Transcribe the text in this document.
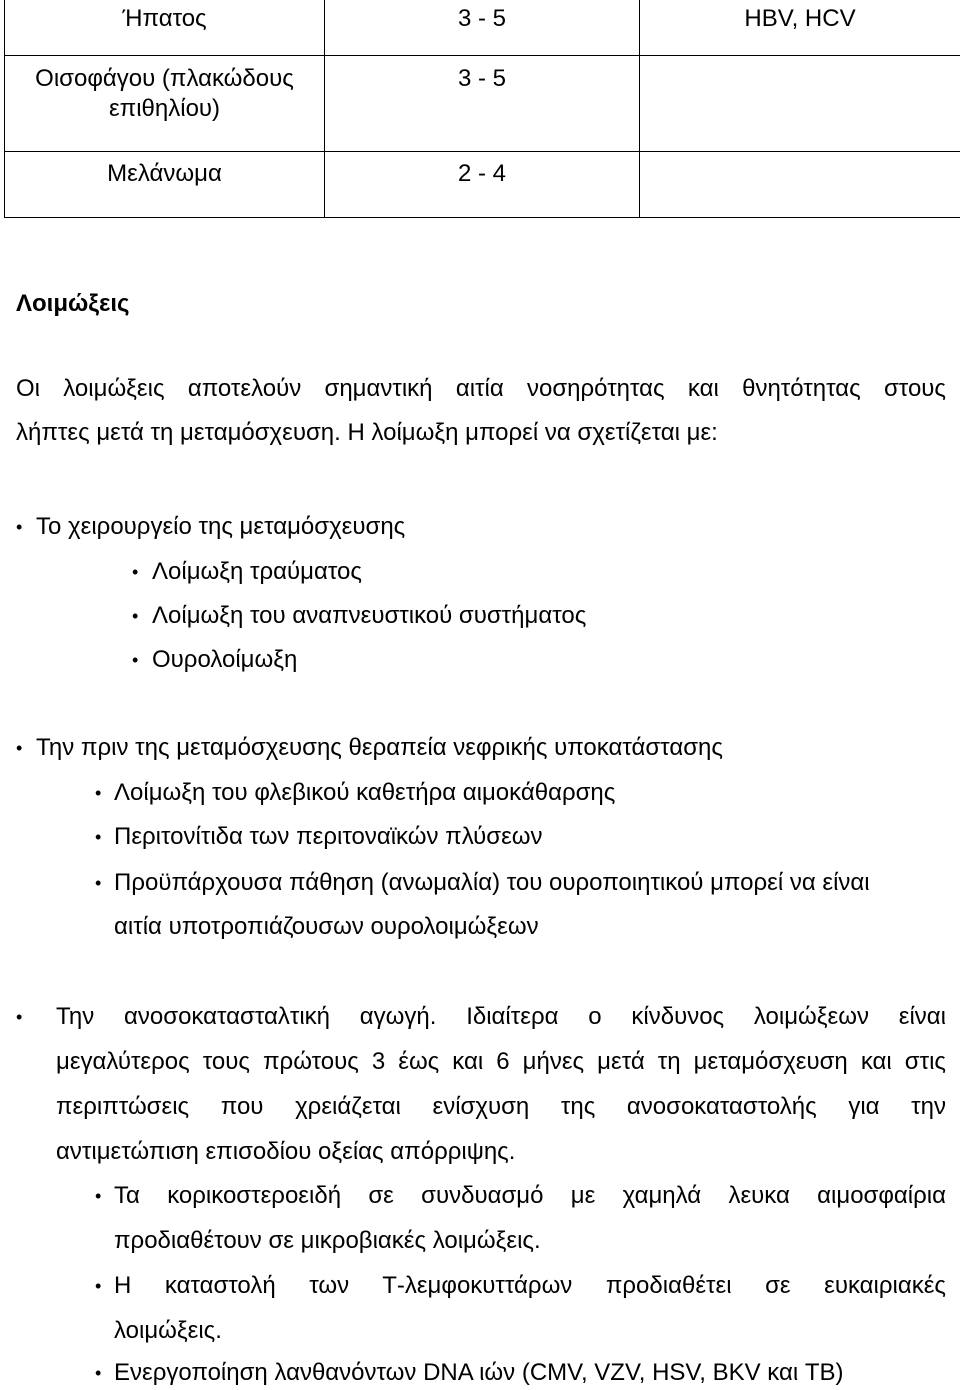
Ήπατος	3 - 5	HBV, HCV

Οισοφάγου (πλακώδους
επιθηλίου)	3 - 5	

Μελάνωμα	2 - 4	

Λοιμώξεις
Οι λοιμώξεις αποτελούν σημαντική αιτία νοσηρότητας και θνητότητας στους
λήπτες μετά τη μεταμόσχευση. Η λοίμωξη μπορεί να σχετίζεται με:
• Το χειρουργείο της μεταμόσχευσης
• Λοίμωξη τραύματος
• Λοίμωξη του αναπνευστικού συστήματος
• Ουρολοίμωξη
• Την πριν της μεταμόσχευσης θεραπεία νεφρικής υποκατάστασης
• Λοίμωξη του φλεβικού καθετήρα αιμοκάθαρσης
• Περιτονίτιδα των περιτοναϊκών πλύσεων
• Προϋπάρχουσα πάθηση (ανωμαλία) του ουροποιητικού μπορεί να είναι
αιτία υποτροπιάζουσων ουρολοιμώξεων
• Την ανοσοκατασταλτική αγωγή. Ιδιαίτερα ο κίνδυνος λοιμώξεων είναι
μεγαλύτερος τους πρώτους 3 έως και 6 μήνες μετά τη μεταμόσχευση και στις
περιπτώσεις που χρειάζεται ενίσχυση της ανοσοκαταστολής για την
αντιμετώπιση επισοδίου οξείας απόρριψης.
• Τα κορικοστεροειδή σε συνδυασμό με χαμηλά λευκα αιμοσφαίρια
προδιαθέτουν σε μικροβιακές λοιμώξεις.
• Η καταστολή των Τ-λεμφοκυττάρων προδιαθέτει σε ευκαιριακές
λοιμώξεις.
• Ενεργοποίηση λανθανόντων DNA ιών (CMV, VZV, HSV, BKV και TB)
